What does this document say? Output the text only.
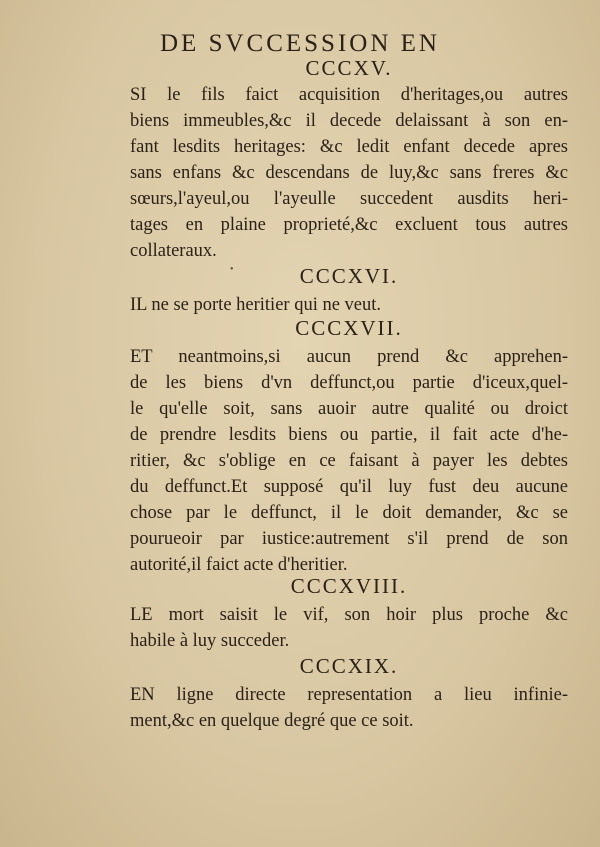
DE SVCCESSION EN
CCCXV.
SI le fils faict acquisition d'heritages,ou autres
biens immeubles,&c il decede delaissant à son en-
fant lesdits heritages: &c ledit enfant decede apres
sans enfans &c descendans de luy,&c sans freres &c
sœurs,l'ayeul,ou l'ayeulle succedent ausdits heri-
tages en plaine proprieté,&c excluent tous autres
collateraux.
•	CCCXVI.
IL ne se porte heritier qui ne veut.
CCCXVII.
ET neantmoins,si aucun prend &c apprehen-
de les biens d'vn deffunct,ou partie d'iceux,quel-
le qu'elle soit, sans auoir autre qualité ou droict
de prendre lesdits biens ou partie, il fait acte d'he-
ritier, &c s'oblige en ce faisant à payer les debtes
du deffunct.Et supposé qu'il luy fust deu aucune
chose par le deffunct, il le doit demander, &c se
pourueoir par iustice:autrement s'il prend de son
autorité,il faict acte d'heritier.
CCCXVIII.
LE mort saisit le vif, son hoir plus proche &c
habile à luy succeder.
CCCXIX.
EN ligne directe representation a lieu infinie-
ment,&c en quelque degré que ce soit.
